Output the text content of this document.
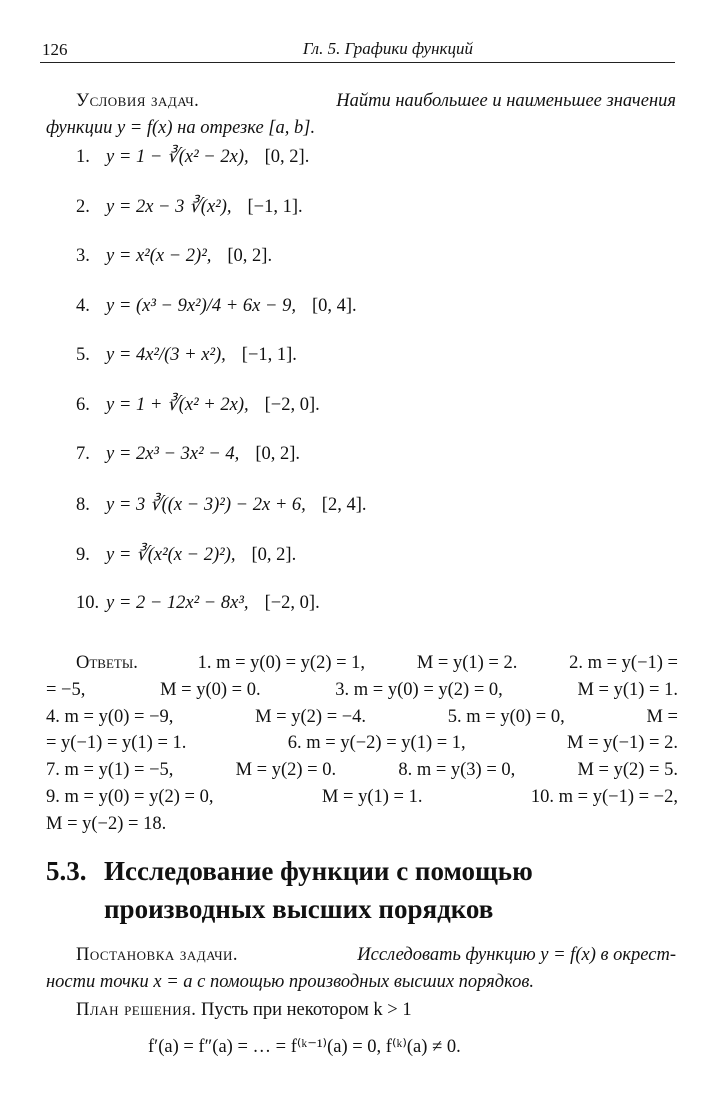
126	Гл. 5. Графики функций
Условия задач.	Найти наибольшее и наименьшее значения
функции y = f(x) на отрезке [a, b].
1. y = 1 − ∛(x² − 2x), [0, 2].
2. y = 2x − 3 ∛(x²), [−1, 1].
3. y = x²(x − 2)², [0, 2].
4. y = (x³ − 9x²)/4 + 6x − 9, [0, 4].
5. y = 4x²/(3 + x²), [−1, 1].
6. y = 1 + ∛(x² + 2x), [−2, 0].
7. y = 2x³ − 3x² − 4, [0, 2].
8. y = 3 ∛((x − 3)²) − 2x + 6, [2, 4].
9. y = ∛(x²(x − 2)²), [0, 2].
10. y = 2 − 12x² − 8x³, [−2, 0].
Ответы.	1. m = y(0) = y(2) = 1,	M = y(1) = 2.	2. m = y(−1) =
= −5,	M = y(0) = 0.	3. m = y(0) = y(2) = 0,	M = y(1) = 1.
4. m = y(0) = −9,	M = y(2) = −4.	5. m = y(0) = 0,	M =
= y(−1) = y(1) = 1.	6. m = y(−2) = y(1) = 1,	M = y(−1) = 2.
7. m = y(1) = −5,	M = y(2) = 0.	8. m = y(3) = 0,	M = y(2) = 5.
9. m = y(0) = y(2) = 0,	M = y(1) = 1.	10. m = y(−1) = −2,
M = y(−2) = 18.
5.3. Исследование функции с помощью
производных высших порядков
Постановка задачи.	Исследовать функцию y = f(x) в окрест-
ности точки x = a с помощью производных высших порядков.
План решения. Пусть при некотором k > 1
f′(a) = f″(a) = … = f⁽ᵏ⁻¹⁾(a) = 0, f⁽ᵏ⁾(a) ≠ 0.
